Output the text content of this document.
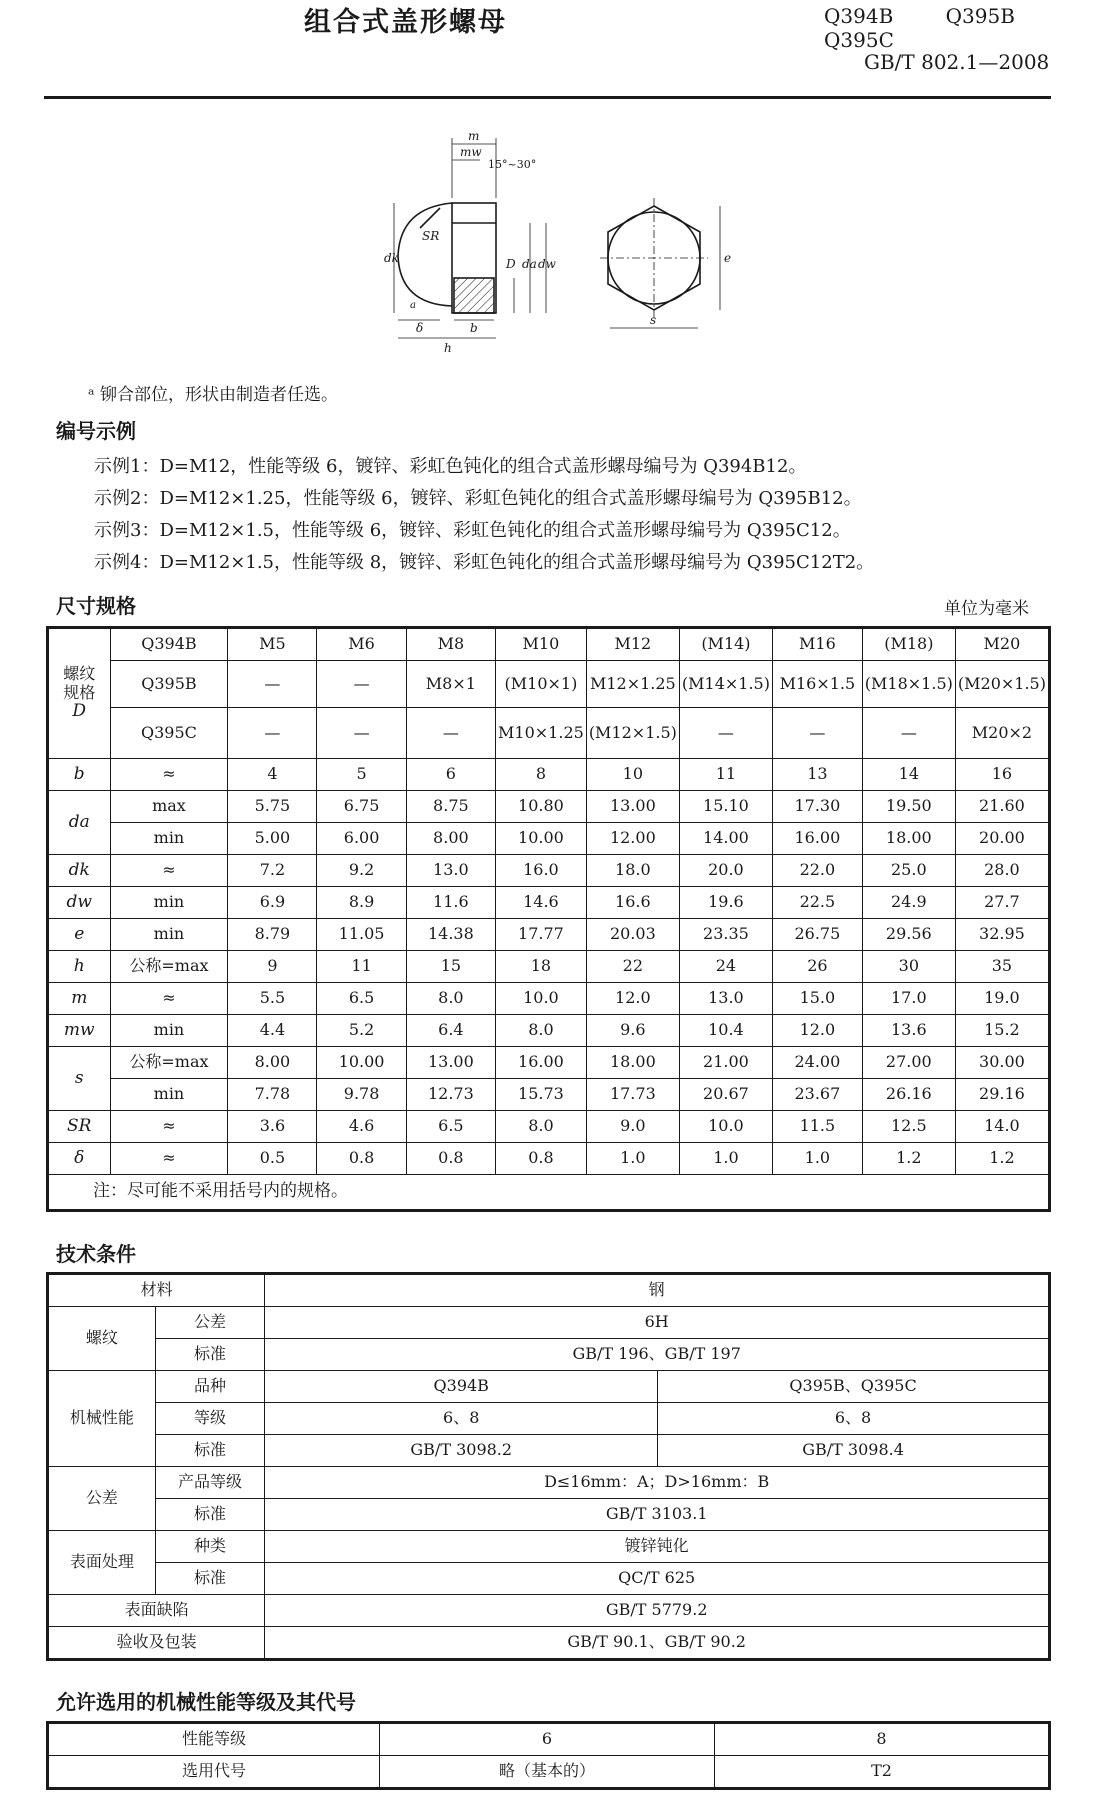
组合式盖形螺母	Q394B	Q395B Q395C
GB/T 802.1—2008
m
mw
15°~30°
SR
dk	D da dw
a
δ	b
h
s
e
ᵃ 铆合部位，形状由制造者任选。
编号示例
示例1：D=M12，性能等级 6，镀锌、彩虹色钝化的组合式盖形螺母编号为 Q394B12。
示例2：D=M12×1.25，性能等级 6，镀锌、彩虹色钝化的组合式盖形螺母编号为 Q395B12。
示例3：D=M12×1.5，性能等级 6，镀锌、彩虹色钝化的组合式盖形螺母编号为 Q395C12。
示例4：D=M12×1.5，性能等级 8，镀锌、彩虹色钝化的组合式盖形螺母编号为 Q395C12T2。
尺寸规格	单位为毫米
螺纹
规格
D	Q394B	M5	M6	M8	M10	M12	(M14)	M16	(M18)	M20
	Q395B	—	—	M8×1	(M10×1)	M12×1.25	(M14×1.5)	M16×1.5	(M18×1.5)	(M20×1.5)
	Q395C	—	—	—	M10×1.25	(M12×1.5)	—	—	—	M20×2
b	≈	4	5	6	8	10	11	13	14	16
da	max	5.75	6.75	8.75	10.80	13.00	15.10	17.30	19.50	21.60
	min	5.00	6.00	8.00	10.00	12.00	14.00	16.00	18.00	20.00
dk	≈	7.2	9.2	13.0	16.0	18.0	20.0	22.0	25.0	28.0
dw	min	6.9	8.9	11.6	14.6	16.6	19.6	22.5	24.9	27.7
e	min	8.79	11.05	14.38	17.77	20.03	23.35	26.75	29.56	32.95
h	公称=max	9	11	15	18	22	24	26	30	35
m	≈	5.5	6.5	8.0	10.0	12.0	13.0	15.0	17.0	19.0
mw	min	4.4	5.2	6.4	8.0	9.6	10.4	12.0	13.6	15.2
s	公称=max	8.00	10.00	13.00	16.00	18.00	21.00	24.00	27.00	30.00
	min	7.78	9.78	12.73	15.73	17.73	20.67	23.67	26.16	29.16
SR	≈	3.6	4.6	6.5	8.0	9.0	10.0	11.5	12.5	14.0
δ	≈	0.5	0.8	0.8	0.8	1.0	1.0	1.0	1.2	1.2
注：尽可能不采用括号内的规格。										
技术条件
材料		钢	
螺纹	公差	6H	
	标准	GB/T 196、GB/T 197	
机械性能	品种	Q394B	Q395B、Q395C
	等级	6、8	6、8
	标准	GB/T 3098.2	GB/T 3098.4
公差	产品等级	D≤16mm：A；D>16mm：B	
	标准	GB/T 3103.1	
表面处理	种类	镀锌钝化	
	标准	QC/T 625	
表面缺陷		GB/T 5779.2	
验收及包装		GB/T 90.1、GB/T 90.2	
允许选用的机械性能等级及其代号
性能等级	6	8
选用代号	略（基本的）	T2
